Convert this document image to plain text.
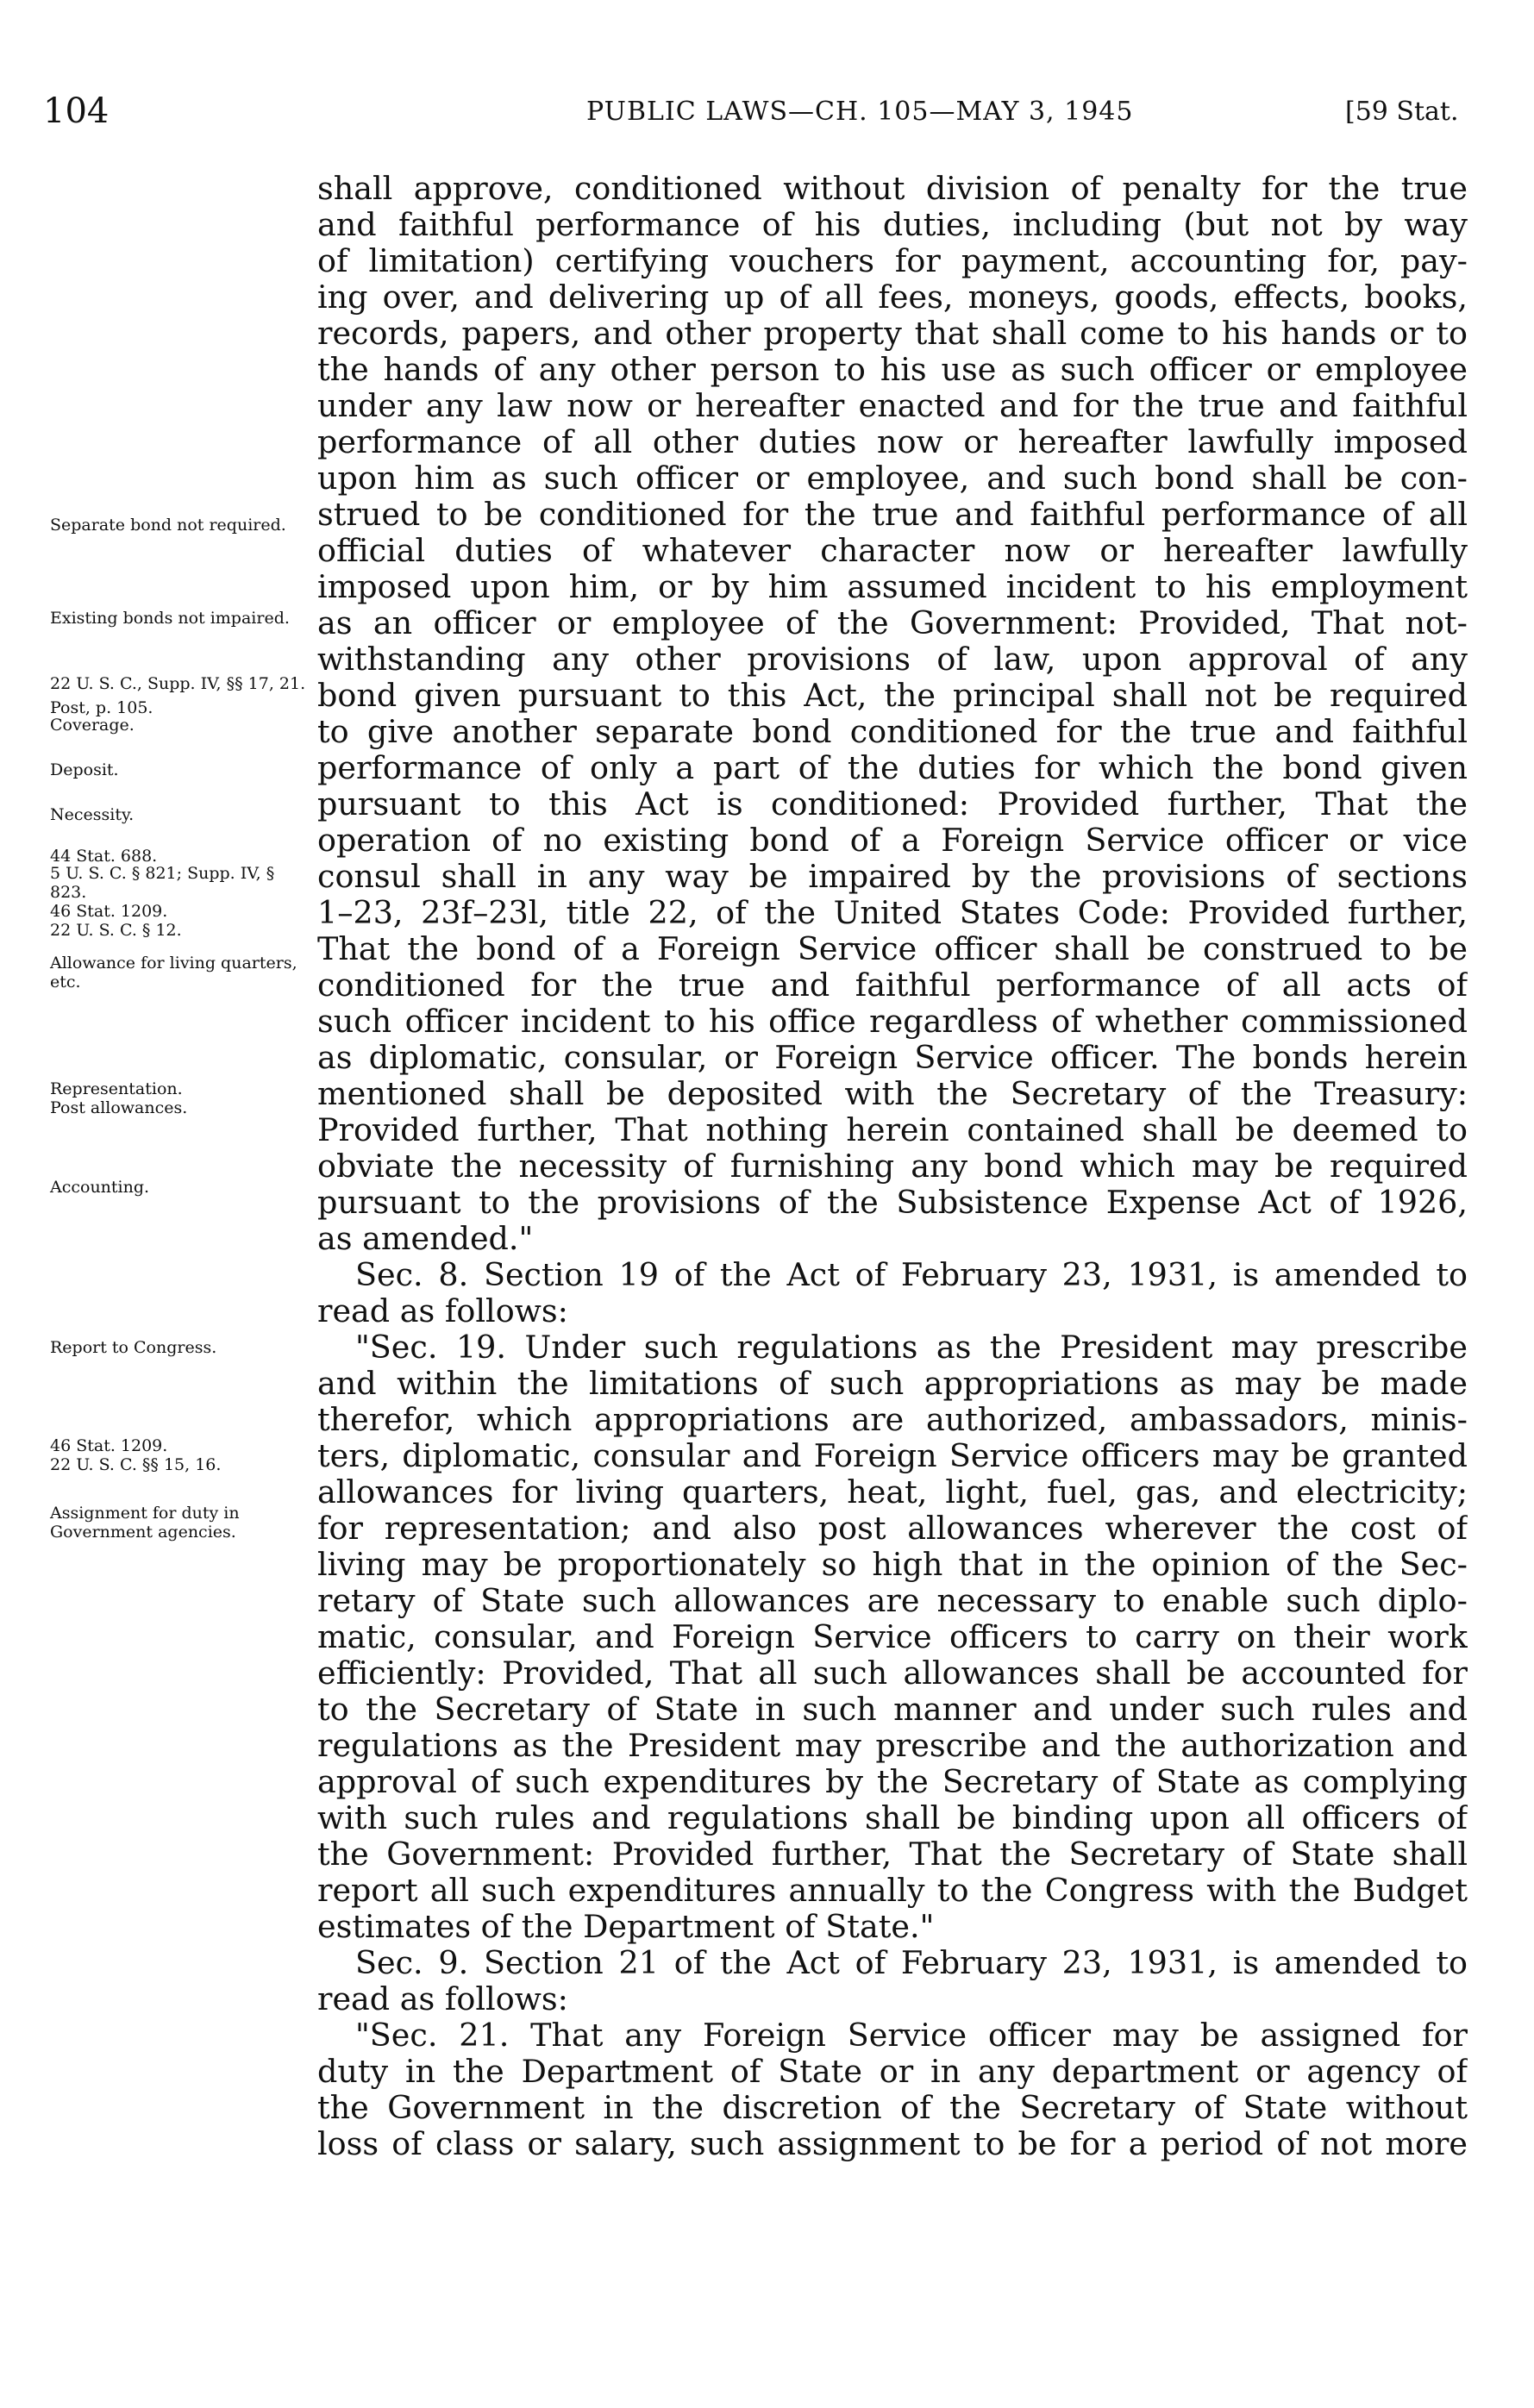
104	PUBLIC LAWS—CH. 105—MAY 3, 1945	[59 Stat.
Separate bond not required.
Existing bonds not impaired.
22 U. S. C., Supp. IV, §§ 17, 21.
Post, p. 105.
Coverage.
Deposit.
Necessity.
44 Stat. 688.
5 U. S. C. § 821; Supp. IV, § 823.
46 Stat. 1209.
22 U. S. C. § 12.
Allowance for living quarters, etc.
Representation.
Post allowances.
Accounting.
Report to Congress.
46 Stat. 1209.
22 U. S. C. §§ 15, 16.
Assignment for duty in Government agencies.
shall approve, conditioned without division of penalty for the true
and faithful performance of his duties, including (but not by way
of limitation) certifying vouchers for payment, accounting for, pay-
ing over, and delivering up of all fees, moneys, goods, effects, books,
records, papers, and other property that shall come to his hands or to
the hands of any other person to his use as such officer or employee
under any law now or hereafter enacted and for the true and faithful
performance of all other duties now or hereafter lawfully imposed
upon him as such officer or employee, and such bond shall be con-
strued to be conditioned for the true and faithful performance of all
official duties of whatever character now or hereafter lawfully
imposed upon him, or by him assumed incident to his employment
as an officer or employee of the Government: Provided, That not-
withstanding any other provisions of law, upon approval of any
bond given pursuant to this Act, the principal shall not be required
to give another separate bond conditioned for the true and faithful
performance of only a part of the duties for which the bond given
pursuant to this Act is conditioned: Provided further, That the
operation of no existing bond of a Foreign Service officer or vice
consul shall in any way be impaired by the provisions of sections
1–23, 23f–23l, title 22, of the United States Code: Provided further,
That the bond of a Foreign Service officer shall be construed to be
conditioned for the true and faithful performance of all acts of
such officer incident to his office regardless of whether commissioned
as diplomatic, consular, or Foreign Service officer. The bonds herein
mentioned shall be deposited with the Secretary of the Treasury:
Provided further, That nothing herein contained shall be deemed to
obviate the necessity of furnishing any bond which may be required
pursuant to the provisions of the Subsistence Expense Act of 1926,
as amended."
Sec. 8. Section 19 of the Act of February 23, 1931, is amended to
read as follows:
"Sec. 19. Under such regulations as the President may prescribe
and within the limitations of such appropriations as may be made
therefor, which appropriations are authorized, ambassadors, minis-
ters, diplomatic, consular and Foreign Service officers may be granted
allowances for living quarters, heat, light, fuel, gas, and electricity;
for representation; and also post allowances wherever the cost of
living may be proportionately so high that in the opinion of the Sec-
retary of State such allowances are necessary to enable such diplo-
matic, consular, and Foreign Service officers to carry on their work
efficiently: Provided, That all such allowances shall be accounted for
to the Secretary of State in such manner and under such rules and
regulations as the President may prescribe and the authorization and
approval of such expenditures by the Secretary of State as complying
with such rules and regulations shall be binding upon all officers of
the Government: Provided further, That the Secretary of State shall
report all such expenditures annually to the Congress with the Budget
estimates of the Department of State."
Sec. 9. Section 21 of the Act of February 23, 1931, is amended to
read as follows:
"Sec. 21. That any Foreign Service officer may be assigned for
duty in the Department of State or in any department or agency of
the Government in the discretion of the Secretary of State without
loss of class or salary, such assignment to be for a period of not more
